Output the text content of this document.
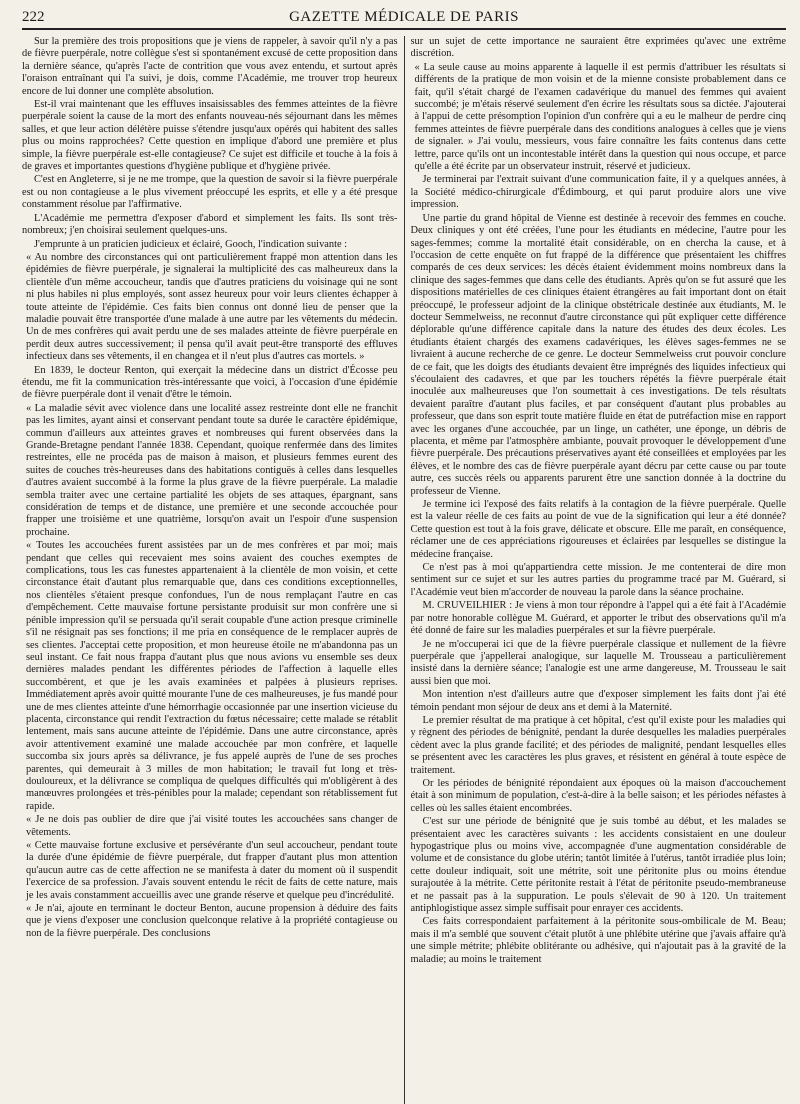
222	GAZETTE MÉDICALE DE PARIS

Sur la première des trois propositions que je viens de rappeler, à savoir qu'il n'y a pas de fièvre puerpérale, notre collègue s'est si spontanément excusé de cette proposition dans la dernière séance, qu'après l'acte de contrition que vous avez entendu, et surtout après l'oraison entraînant qui l'a suivi, je dois, comme l'Académie, me trouver trop heureux encore de lui donner une complète absolution.

Est-il vrai maintenant que les effluves insaisissables des femmes atteintes de la fièvre puerpérale soient la cause de la mort des enfants nouveau-nés séjournant dans les mêmes salles, et que leur action délétère puisse s'étendre jusqu'aux opérés qui habitent des salles plus ou moins rapprochées? Cette question en implique d'abord une première et plus simple, la fièvre puerpérale est-elle contagieuse? Ce sujet est difficile et touche à la fois à de graves et importantes questions d'hygiène publique et d'hygiène privée.

C'est en Angleterre, si je ne me trompe, que la question de savoir si la fièvre puerpérale est ou non contagieuse a le plus vivement préoccupé les esprits, et elle y a été presque constamment résolue par l'affirmative.

L'Académie me permettra d'exposer d'abord et simplement les faits. Ils sont très-nombreux; j'en choisirai seulement quelques-uns.

J'emprunte à un praticien judicieux et éclairé, Gooch, l'indication suivante :

« Au nombre des circonstances qui ont particulièrement frappé mon attention dans les épidémies de fièvre puerpérale, je signalerai la multiplicité des cas malheureux dans la clientèle d'un même accoucheur, tandis que d'autres praticiens du voisinage qui ne sont ni plus habiles ni plus employés, sont assez heureux pour voir leurs clientes échapper à toute atteinte de l'épidémie. Ces faits bien connus ont donné lieu de penser que la maladie pouvait être transportée d'une malade à une autre par les vêtements du médecin. Un de mes confrères qui avait perdu une de ses malades atteinte de fièvre puerpérale en perdit deux autres successivement; il pensa qu'il avait peut-être transporté des effluves infectieux dans ses vêtements, il en changea et il n'eut plus d'autres cas mortels. »

En 1839, le docteur Renton, qui exerçait la médecine dans un district d'Écosse peu étendu, me fit la communication très-intéressante que voici, à l'occasion d'une épidémie de fièvre puerpérale dont il venait d'être le témoin.

« La maladie sévit avec violence dans une localité assez restreinte dont elle ne franchit pas les limites, ayant ainsi et conservant pendant toute sa durée le caractère épidémique, commun d'ailleurs aux atteintes graves et nombreuses qui furent observées dans la Grande-Bretagne pendant l'année 1838. Cependant, quoique renfermée dans des limites restreintes, elle ne procéda pas de maison à maison, et plusieurs femmes eurent des suites de couches très-heureuses dans des habitations contiguës à celles dans lesquelles d'autres avaient succombé à la forme la plus grave de la fièvre puerpérale. La maladie sembla traiter avec une certaine partialité les objets de ses attaques, épargnant, sans considération de temps et de distance, une première et une seconde accouchée pour frapper une troisième et une quatrième, lorsqu'on avait un l'espoir d'une suspension prochaine.

« Toutes les accouchées furent assistées par un de mes confrères et par moi; mais pendant que celles qui recevaient mes soins avaient des couches exemptes de complications, tous les cas funestes appartenaient à la clientèle de mon voisin, et cette circonstance était d'autant plus remarquable que, dans ces conditions exceptionnelles, nos clientèles s'étaient presque confondues, l'un de nous remplaçant l'autre en cas d'empêchement. Cette mauvaise fortune persistante produisit sur mon confrère une si pénible impression qu'il se persuada qu'il serait coupable d'une action presque criminelle s'il ne résignait pas ses fonctions; il me pria en conséquence de le remplacer auprès de ses clientes. J'acceptai cette proposition, et mon heureuse étoile ne m'abandonna pas un seul instant. Ce fait nous frappa d'autant plus que nous avions vu ensemble ses deux dernières malades pendant les différentes périodes de l'affection à laquelle elles succombèrent, et que je les avais examinées et palpées à plusieurs reprises. Immédiatement après avoir quitté mourante l'une de ces malheureuses, je fus mandé pour une de mes clientes atteinte d'une hémorrhagie occasionnée par une insertion vicieuse du placenta, circonstance qui rendit l'extraction du fœtus nécessaire; cette malade se rétablit lentement, mais sans aucune atteinte de l'épidémie. Dans une autre circonstance, après avoir attentivement examiné une malade accouchée par mon confrère, et laquelle succomba six jours après sa délivrance, je fus appelé auprès de l'une de ses proches parentes, qui demeurait à 3 milles de mon habitation; le travail fut long et très-douloureux, et la délivrance se compliqua de quelques difficultés qui m'obligèrent à des manœuvres prolongées et très-pénibles pour la malade; cependant son rétablissement fut rapide.

« Je ne dois pas oublier de dire que j'ai visité toutes les accouchées sans changer de vêtements.

« Cette mauvaise fortune exclusive et persévérante d'un seul accoucheur, pendant toute la durée d'une épidémie de fièvre puerpérale, dut frapper d'autant plus mon attention qu'aucun autre cas de cette affection ne se manifesta à dater du moment où il suspendit l'exercice de sa profession. J'avais souvent entendu le récit de faits de cette nature, mais je les avais constamment accueillis avec une grande réserve et quelque peu d'incrédulité.

« Je n'ai, ajoute en terminant le docteur Benton, aucune propension à déduire des faits que je viens d'exposer une conclusion quelconque relative à la propriété contagieuse ou non de la fièvre puerpérale. Des conclusions

sur un sujet de cette importance ne sauraient être exprimées qu'avec une extrême discrétion.

« La seule cause au moins apparente à laquelle il est permis d'attribuer les résultats si différents de la pratique de mon voisin et de la mienne consiste probablement dans ce fait, qu'il s'était chargé de l'examen cadavérique du manuel des femmes qui avaient succombé; je m'étais réservé seulement d'en écrire les résultats sous sa dictée. J'ajouterai à l'appui de cette présomption l'opinion d'un confrère qui a eu le malheur de perdre cinq femmes atteintes de fièvre puerpérale dans des conditions analogues à celles que je viens de signaler. » J'ai voulu, messieurs, vous faire connaître les faits contenus dans cette lettre, parce qu'ils ont un incontestable intérêt dans la question qui nous occupe, et parce qu'elle a été écrite par un observateur instruit, réservé et judicieux.

Je terminerai par l'extrait suivant d'une communication faite, il y a quelques années, à la Société médico-chirurgicale d'Édimbourg, et qui parut produire alors une vive impression.

Une partie du grand hôpital de Vienne est destinée à recevoir des femmes en couche. Deux cliniques y ont été créées, l'une pour les étudiants en médecine, l'autre pour les sages-femmes; comme la mortalité était considérable, on en chercha la cause, et à l'occasion de cette enquête on fut frappé de la différence que présentaient les chiffres comparés de ces deux services: les décès étaient évidemment moins nombreux dans la clinique des sages-femmes que dans celle des étudiants. Après qu'on se fut assuré que les dispositions matérielles de ces cliniques étaient étrangères au fait important dont on était préoccupé, le professeur adjoint de la clinique obstétricale destinée aux étudiants, M. le docteur Semmelweiss, ne reconnut d'autre circonstance qui pût expliquer cette différence déplorable qu'une différence capitale dans la nature des études des deux écoles. Les étudiants étaient chargés des examens cadavériques, les élèves sages-femmes ne se livraient à aucune recherche de ce genre. Le docteur Semmelweiss crut pouvoir conclure de ce fait, que les doigts des étudiants devaient être imprégnés des liquides infectieux qui s'écoulaient des cadavres, et que par les touchers répétés la fièvre puerpérale était inoculée aux malheureuses que l'on soumettait à ces investigations. De tels résultats devaient paraître d'autant plus faciles, et par conséquent d'autant plus probables au professeur, que dans son esprit toute matière fluide en état de putréfaction mise en rapport avec les organes d'une accouchée, par un linge, un cathéter, une éponge, un débris de placenta, et même par l'atmosphère ambiante, pouvait provoquer le développement d'une fièvre puerpérale. Des précautions préservatives ayant été conseillées et employées par les élèves, et le nombre des cas de fièvre puerpérale ayant décru par cette cause ou par toute autre, ces succès réels ou apparents parurent être une sanction donnée à la doctrine du professeur de Vienne.

Je termine ici l'exposé des faits relatifs à la contagion de la fièvre puerpérale. Quelle est la valeur réelle de ces faits au point de vue de la signification qui leur a été donnée? Cette question est tout à la fois grave, délicate et obscure. Elle me paraît, en conséquence, réclamer une de ces appréciations rigoureuses et éclairées par lesquelles se distingue la médecine française.

Ce n'est pas à moi qu'appartiendra cette mission. Je me contenterai de dire mon sentiment sur ce sujet et sur les autres parties du programme tracé par M. Guérard, si l'Académie veut bien m'accorder de nouveau la parole dans la séance prochaine.

M. CRUVEILHIER : Je viens à mon tour répondre à l'appel qui a été fait à l'Académie par notre honorable collègue M. Guérard, et apporter le tribut des observations qu'il m'a été donné de faire sur les maladies puerpérales et sur la fièvre puerpérale.

Je ne m'occuperai ici que de la fièvre puerpérale classique et nullement de la fièvre puerpérale que j'appellerai analogique, sur laquelle M. Trousseau a particulièrement insisté dans la dernière séance; l'analogie est une arme dangereuse, M. Trousseau le sait aussi bien que moi.

Mon intention n'est d'ailleurs autre que d'exposer simplement les faits dont j'ai été témoin pendant mon séjour de deux ans et demi à la Maternité.

Le premier résultat de ma pratique à cet hôpital, c'est qu'il existe pour les maladies qui y règnent des périodes de bénignité, pendant la durée desquelles les maladies puerpérales cèdent avec la plus grande facilité; et des périodes de malignité, pendant lesquelles elles se présentent avec les caractères les plus graves, et résistent en général à toute espèce de traitement.

Or les périodes de bénignité répondaient aux époques où la maison d'accouchement était à son minimum de population, c'est-à-dire à la belle saison; et les périodes néfastes à celles où les salles étaient encombrées.

C'est sur une période de bénignité que je suis tombé au début, et les malades se présentaient avec les caractères suivants : les accidents consistaient en une douleur hypogastrique plus ou moins vive, accompagnée d'une augmentation considérable de volume et de consistance du globe utérin; tantôt limitée à l'utérus, tantôt irradiée plus loin; cette douleur indiquait, soit une métrite, soit une péritonite plus ou moins étendue surajoutée à la métrite. Cette péritonite restait à l'état de péritonite pseudo-membraneuse et ne passait pas à la suppuration. Le pouls s'élevait de 90 à 120. Un traitement antiphlogistique assez simple suffisait pour enrayer ces accidents.

Ces faits correspondaient parfaitement à la péritonite sous-ombilicale de M. Beau; mais il m'a semblé que souvent c'était plutôt à une phlébite utérine que j'avais affaire qu'à une simple métrite; phlébite oblitérante ou adhésive, qui n'ajoutait pas à la gravité de la maladie; au moins le traitement
